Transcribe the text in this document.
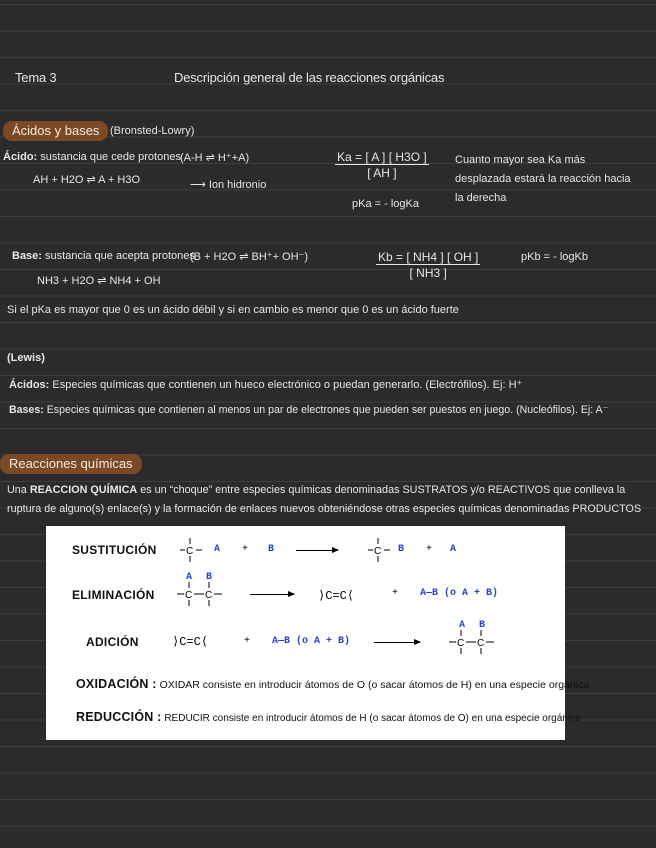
Tema 3	Descripción general de las reacciones orgánicas
Ácidos y bases (Bronsted-Lowry)
Ácido: sustancia que cede protones (A-H ⇌ H⁺+A)
AH + H2O ⇌ A + H3O	⟶ Ion hidronio
$\frac{Ka = [ A ] [ H3O ]}{[ AH ]}$
pKa = - logKa
Cuanto mayor sea Ka más
desplazada estará la reacción hacia
la derecha
Base: sustancia que acepta protones
(B + H2O ⇌ BH⁺+ OH⁻)
NH3 + H2O ⇌ NH4 + OH
$\frac{Kb = [ NH4 ] [ OH ]}{[ NH3 ]}$	pKb = - logKb
Si el pKa es mayor que 0 es un ácido débil y si en cambio es menor que 0 es un ácido fuerte
(Lewis)
Ácidos: Especies químicas que contienen un hueco electrónico o puedan generarlo. (Electrófilos). Ej: H⁺
Bases: Especies químicas que contienen al menos un par de electrones que pueden ser puestos en juego. (Nucleófilos). Ej: A⁻
Reacciones químicas
Una REACCION QUÍMICA es un “choque” entre especies químicas denominadas SUSTRATOS y/o REACTIVOS que conlleva la
ruptura de alguno(s) enlace(s) y la formación de enlaces nuevos obteniéndose otras especies químicas denominadas PRODUCTOS
SUSTITUCIÓN	C A + B	C B + A
ELIMINACIÓN
A B
C C	⟩C=C⟨	+ A—B (o A + B)
ADICIÓN	⟩C=C⟨	+ A—B (o A + B)
A B
C C
OXIDACIÓN : OXIDAR consiste en introducir átomos de O (o sacar átomos de H) en una especie orgánica
REDUCCIÓN : REDUCIR consiste en introducir átomos de H (o sacar átomos de O) en una especie orgánica
